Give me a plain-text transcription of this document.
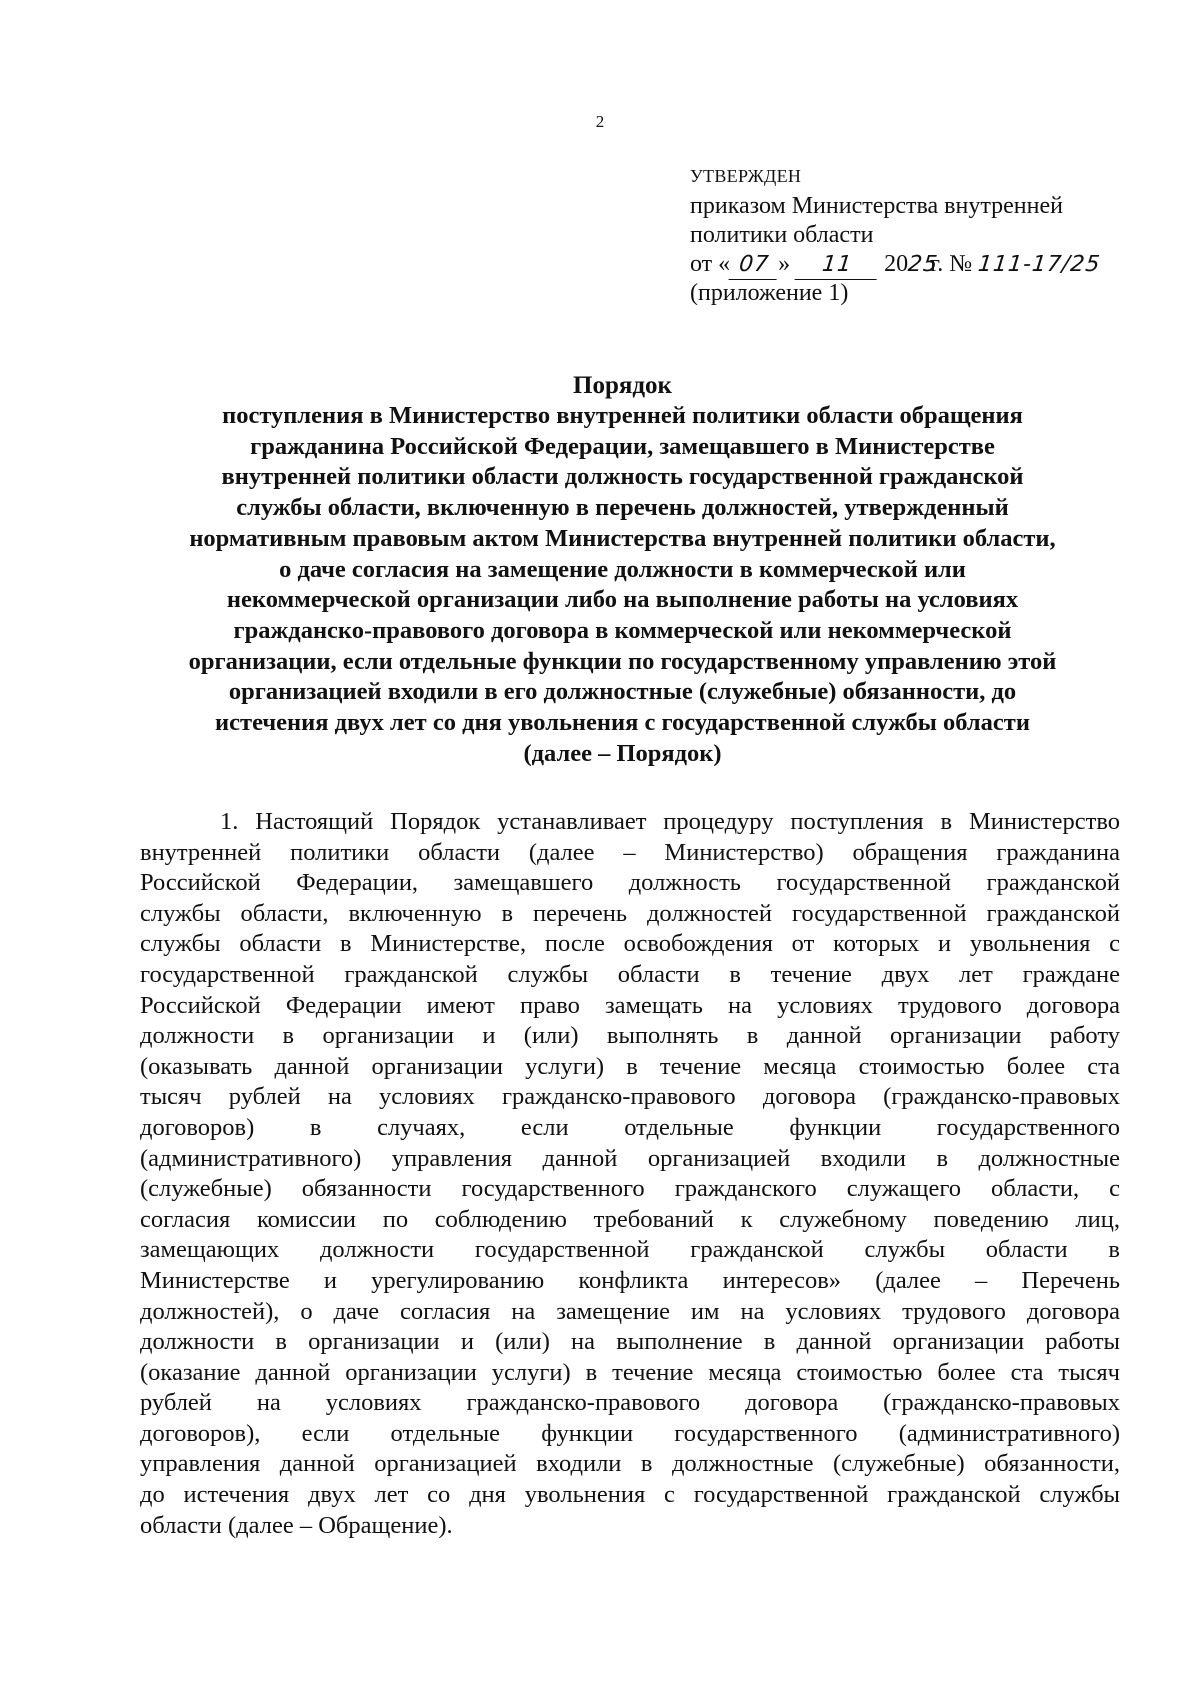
2
УТВЕРЖДЕН
приказом Министерства внутренней
политики области
от « 07 » 11 2025г. № 111-17/25
(приложение 1)
Порядок
поступления в Министерство внутренней политики области обращения
гражданина Российской Федерации, замещавшего в Министерстве
внутренней политики области должность государственной гражданской
службы области, включенную в перечень должностей, утвержденный
нормативным правовым актом Министерства внутренней политики области,
о даче согласия на замещение должности в коммерческой или
некоммерческой организации либо на выполнение работы на условиях
гражданско-правового договора в коммерческой или некоммерческой
организации, если отдельные функции по государственному управлению этой
организацией входили в его должностные (служебные) обязанности, до
истечения двух лет со дня увольнения с государственной службы области
(далее – Порядок)
1. Настоящий Порядок устанавливает процедуру поступления в Министерство
внутренней политики области (далее – Министерство) обращения гражданина
Российской Федерации, замещавшего должность государственной гражданской
службы области, включенную в перечень должностей государственной гражданской
службы области в Министерстве, после освобождения от которых и увольнения с
государственной гражданской службы области в течение двух лет граждане
Российской Федерации имеют право замещать на условиях трудового договора
должности в организации и (или) выполнять в данной организации работу
(оказывать данной организации услуги) в течение месяца стоимостью более ста
тысяч рублей на условиях гражданско-правового договора (гражданско-правовых
договоров) в случаях, если отдельные функции государственного
(административного) управления данной организацией входили в должностные
(служебные) обязанности государственного гражданского служащего области, с
согласия комиссии по соблюдению требований к служебному поведению лиц,
замещающих должности государственной гражданской службы области в
Министерстве и урегулированию конфликта интересов» (далее – Перечень
должностей), о даче согласия на замещение им на условиях трудового договора
должности в организации и (или) на выполнение в данной организации работы
(оказание данной организации услуги) в течение месяца стоимостью более ста тысяч
рублей на условиях гражданско-правового договора (гражданско-правовых
договоров), если отдельные функции государственного (административного)
управления данной организацией входили в должностные (служебные) обязанности,
до истечения двух лет со дня увольнения с государственной гражданской службы
области (далее – Обращение).
